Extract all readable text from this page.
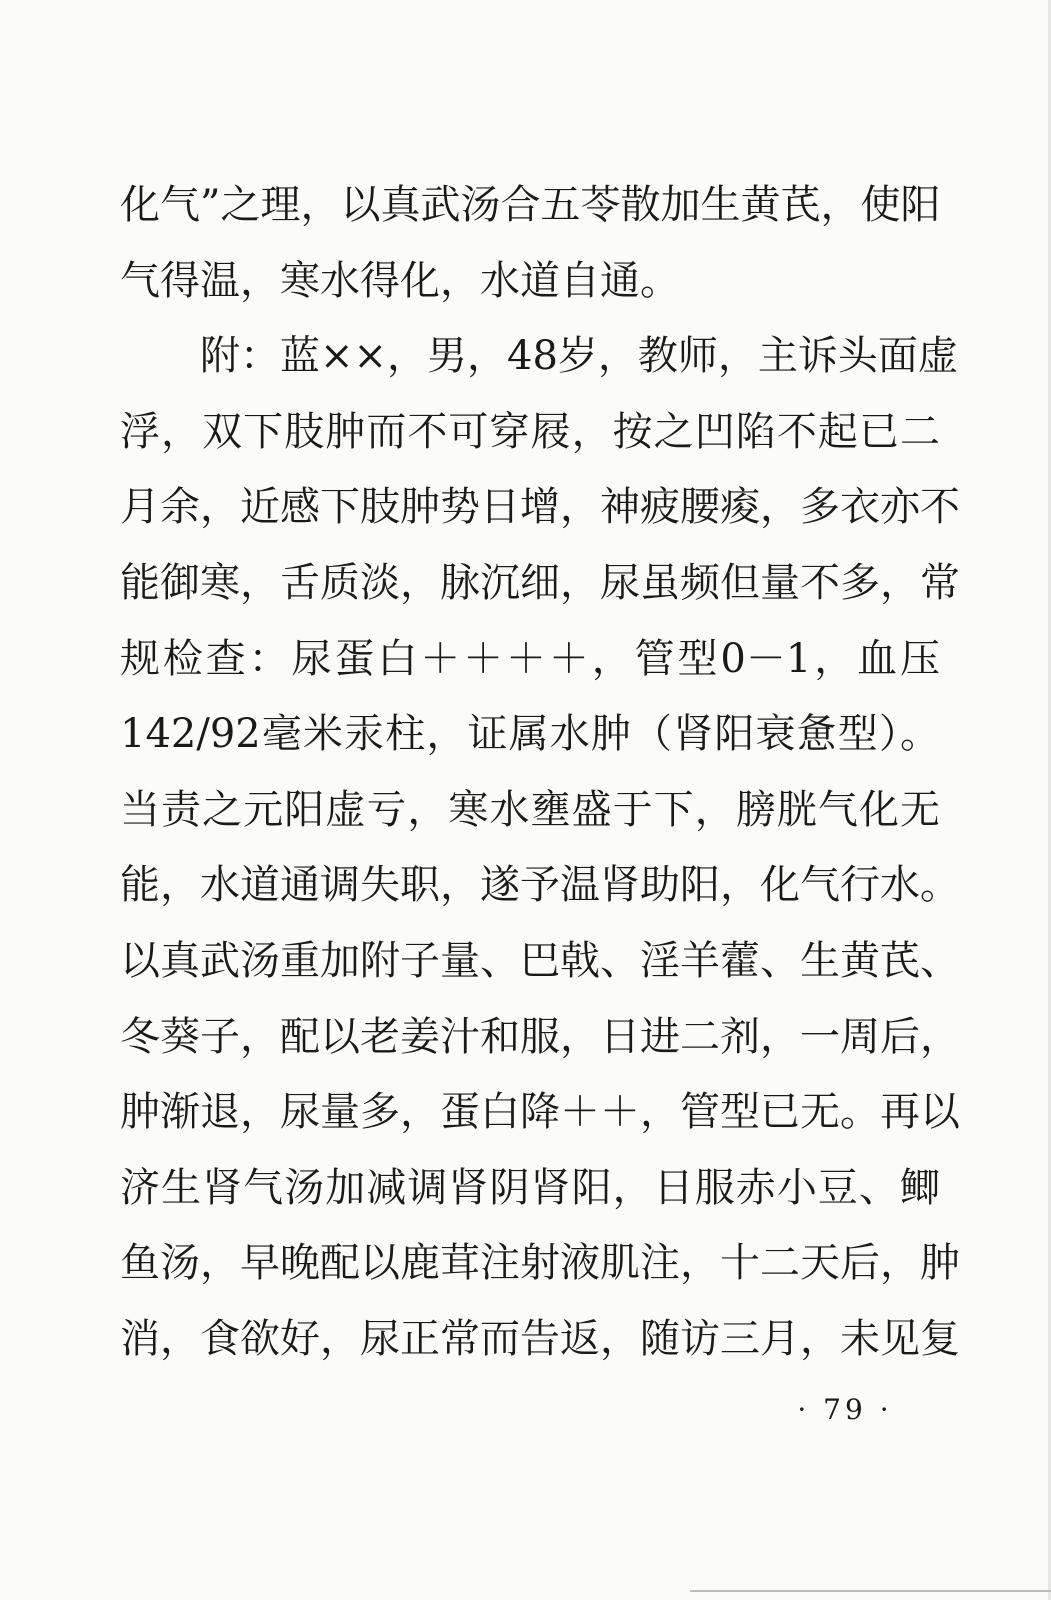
化气”之理，以真武汤合五苓散加生黄芪，使阳
气得温，寒水得化，水道自通。
附：蓝××，男，48岁，教师，主诉头面虚
浮，双下肢肿而不可穿屐，按之凹陷不起已二
月余，近感下肢肿势日增，神疲腰痠，多衣亦不
能御寒，舌质淡，脉沉细，尿虽频但量不多，常
规检查：尿蛋白＋＋＋＋，管型0－1，血压
142/92毫米汞柱，证属水肿（肾阳衰惫型）。
当责之元阳虚亏，寒水壅盛于下，膀胱气化无
能，水道通调失职，遂予温肾助阳，化气行水。
以真武汤重加附子量、巴戟、淫羊藿、生黄芪、
冬葵子，配以老姜汁和服，日进二剂，一周后，
肿渐退，尿量多，蛋白降＋＋，管型已无。再以
济生肾气汤加减调肾阴肾阳，日服赤小豆、鲫
鱼汤，早晚配以鹿茸注射液肌注，十二天后，肿
消，食欲好，尿正常而告返，随访三月，未见复
· 79 ·
